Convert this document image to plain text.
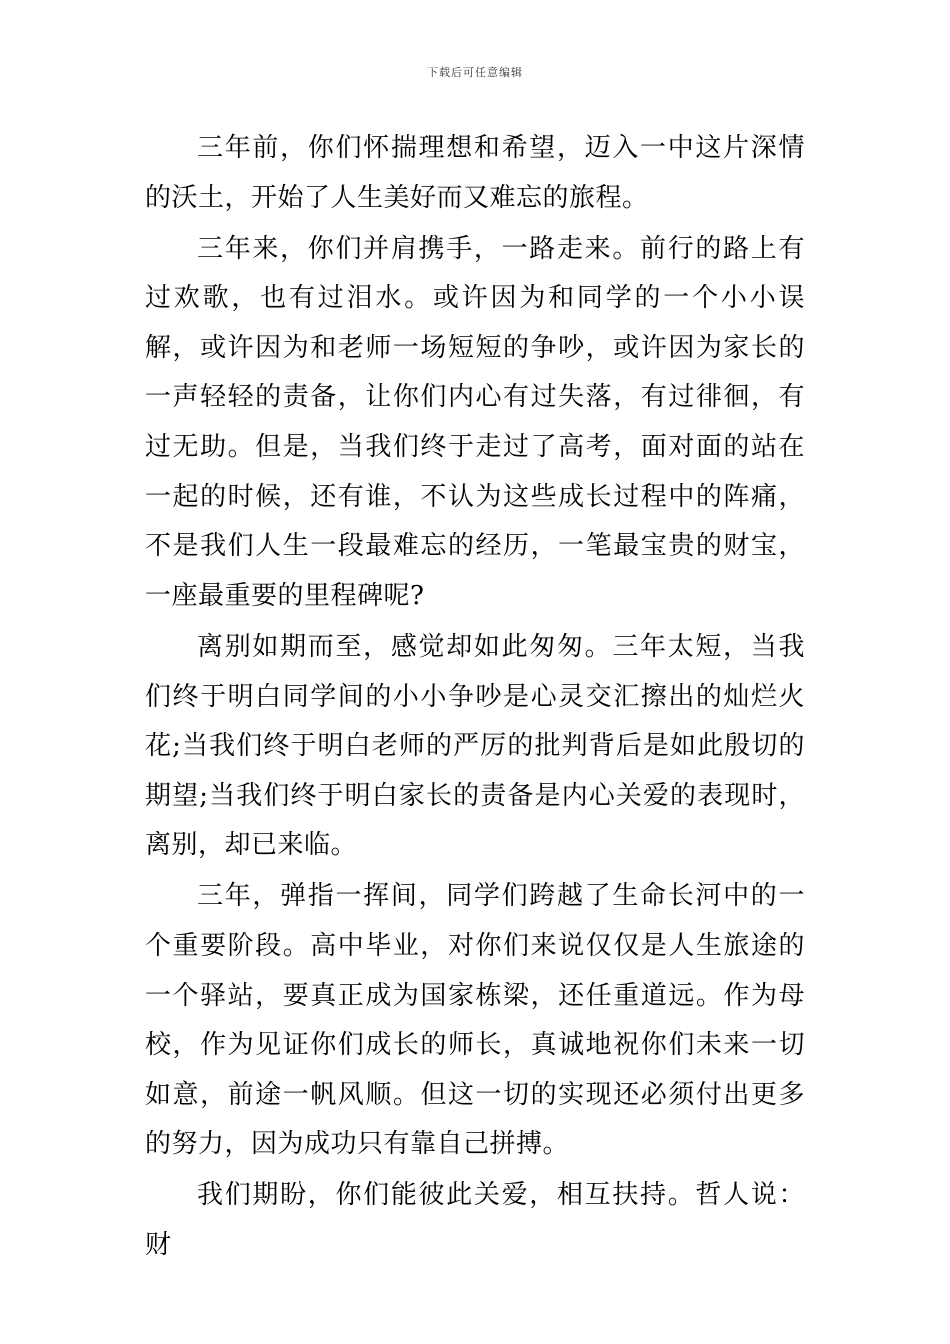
下载后可任意编辑

三年前，你们怀揣理想和希望，迈入一中这片深情的沃土，开始了人生美好而又难忘的旅程。

三年来，你们并肩携手，一路走来。前行的路上有过欢歌，也有过泪水。或许因为和同学的一个小小误解，或许因为和老师一场短短的争吵，或许因为家长的一声轻轻的责备，让你们内心有过失落，有过徘徊，有过无助。但是，当我们终于走过了高考，面对面的站在一起的时候，还有谁，不认为这些成长过程中的阵痛，不是我们人生一段最难忘的经历，一笔最宝贵的财宝，一座最重要的里程碑呢?

离别如期而至，感觉却如此匆匆。三年太短，当我们终于明白同学间的小小争吵是心灵交汇擦出的灿烂火花;当我们终于明白老师的严厉的批判背后是如此殷切的期望;当我们终于明白家长的责备是内心关爱的表现时，离别，却已来临。

三年，弹指一挥间，同学们跨越了生命长河中的一个重要阶段。高中毕业，对你们来说仅仅是人生旅途的一个驿站，要真正成为国家栋梁，还任重道远。作为母校，作为见证你们成长的师长，真诚地祝你们未来一切如意，前途一帆风顺。但这一切的实现还必须付出更多的努力，因为成功只有靠自己拼搏。

我们期盼，你们能彼此关爱，相互扶持。哲人说：财
